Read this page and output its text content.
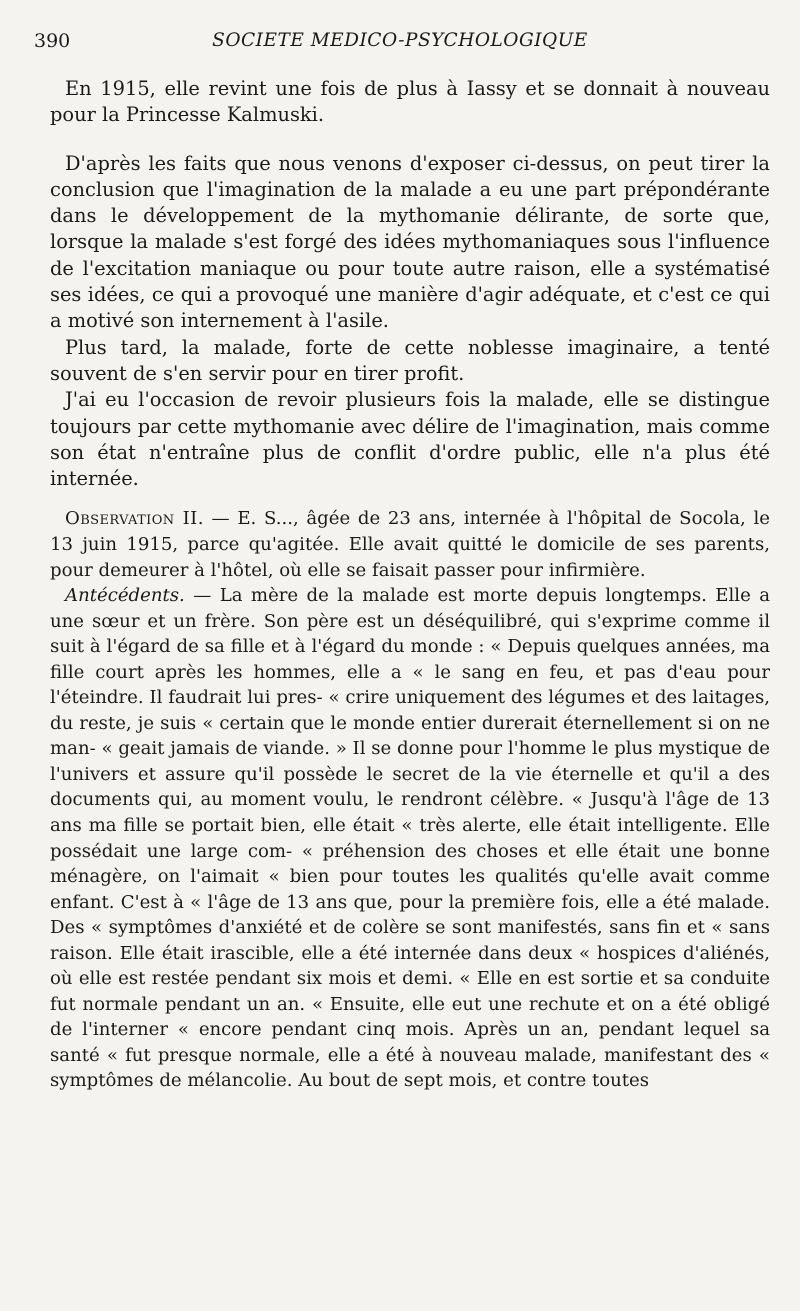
390	SOCIETE MEDICO-PSYCHOLOGIQUE

En 1915, elle revint une fois de plus à Iassy et se donnait à nouveau pour la Princesse Kalmuski.

D'après les faits que nous venons d'exposer ci-dessus, on peut tirer la conclusion que l'imagination de la malade a eu une part prépondérante dans le développement de la mythomanie délirante, de sorte que, lorsque la malade s'est forgé des idées mythomaniaques sous l'influence de l'excitation maniaque ou pour toute autre raison, elle a systématisé ses idées, ce qui a provoqué une manière d'agir adéquate, et c'est ce qui a motivé son internement à l'asile.

Plus tard, la malade, forte de cette noblesse imaginaire, a tenté souvent de s'en servir pour en tirer profit.

J'ai eu l'occasion de revoir plusieurs fois la malade, elle se distingue toujours par cette mythomanie avec délire de l'imagination, mais comme son état n'entraîne plus de conflit d'ordre public, elle n'a plus été internée.

Observation II. — E. S..., âgée de 23 ans, internée à l'hôpital de Socola, le 13 juin 1915, parce qu'agitée. Elle avait quitté le domicile de ses parents, pour demeurer à l'hôtel, où elle se faisait passer pour infirmière.

Antécédents. — La mère de la malade est morte depuis longtemps. Elle a une sœur et un frère. Son père est un déséquilibré, qui s'exprime comme il suit à l'égard de sa fille et à l'égard du monde : « Depuis quelques années, ma fille court après les hommes, elle a « le sang en feu, et pas d'eau pour l'éteindre. Il faudrait lui pres- « crire uniquement des légumes et des laitages, du reste, je suis « certain que le monde entier durerait éternellement si on ne man- « geait jamais de viande. » Il se donne pour l'homme le plus mystique de l'univers et assure qu'il possède le secret de la vie éternelle et qu'il a des documents qui, au moment voulu, le rendront célèbre. « Jusqu'à l'âge de 13 ans ma fille se portait bien, elle était « très alerte, elle était intelligente. Elle possédait une large com- « préhension des choses et elle était une bonne ménagère, on l'aimait « bien pour toutes les qualités qu'elle avait comme enfant. C'est à « l'âge de 13 ans que, pour la première fois, elle a été malade. Des « symptômes d'anxiété et de colère se sont manifestés, sans fin et « sans raison. Elle était irascible, elle a été internée dans deux « hospices d'aliénés, où elle est restée pendant six mois et demi. « Elle en est sortie et sa conduite fut normale pendant un an. « Ensuite, elle eut une rechute et on a été obligé de l'interner « encore pendant cinq mois. Après un an, pendant lequel sa santé « fut presque normale, elle a été à nouveau malade, manifestant des « symptômes de mélancolie. Au bout de sept mois, et contre toutes
